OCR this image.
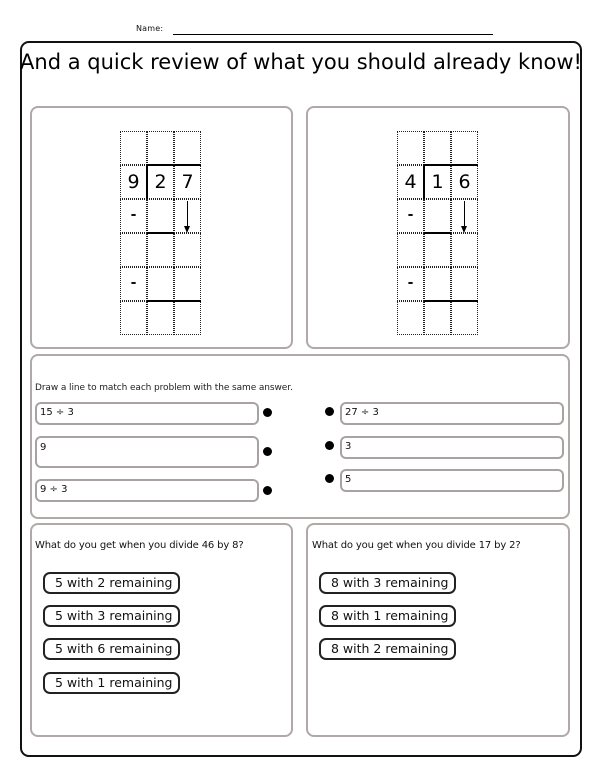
Name:
And a quick review of what you should already know!
9 2 7
-
-
4 1 6
-
-
Draw a line to match each problem with the same answer.
15 ÷ 3
9
9 ÷ 3
27 ÷ 3
3
5
What do you get when you divide 46 by 8?
5 with 2 remaining
5 with 3 remaining
5 with 6 remaining
5 with 1 remaining
What do you get when you divide 17 by 2?
8 with 3 remaining
8 with 1 remaining
8 with 2 remaining
